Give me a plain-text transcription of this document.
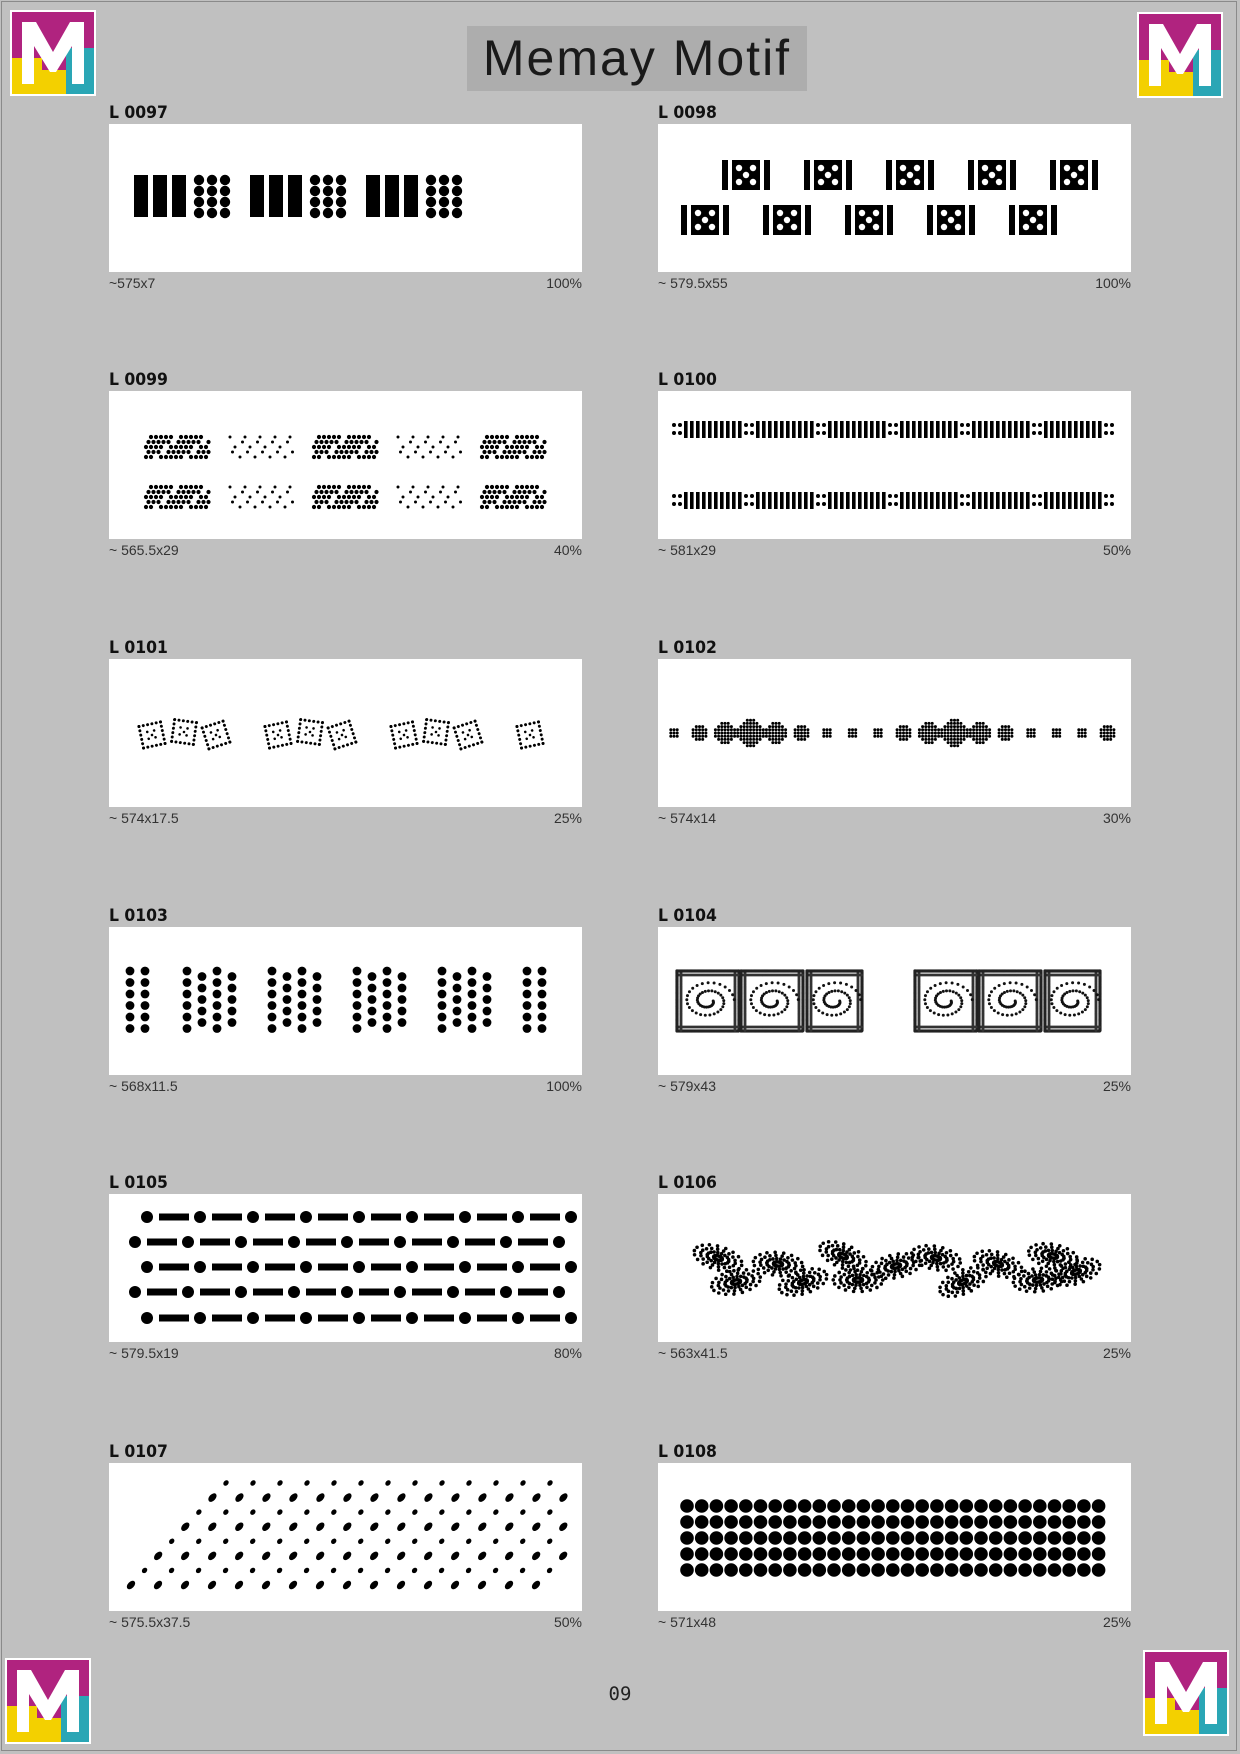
Memay Motif
M
M
M
M
L 0097
~575x7	100%
L 0098
~ 579.5x55	100%
L 0099
~ 565.5x29	40%
L 0100
~ 581x29	50%
L 0101
~ 574x17.5	25%
L 0102
~ 574x14	30%
L 0103
~ 568x11.5	100%
L 0104
~ 579x43	25%
L 0105
~ 579.5x19	80%
L 0106
~ 563x41.5	25%
L 0107
~ 575.5x37.5	50%
L 0108
~ 571x48	25%
09
